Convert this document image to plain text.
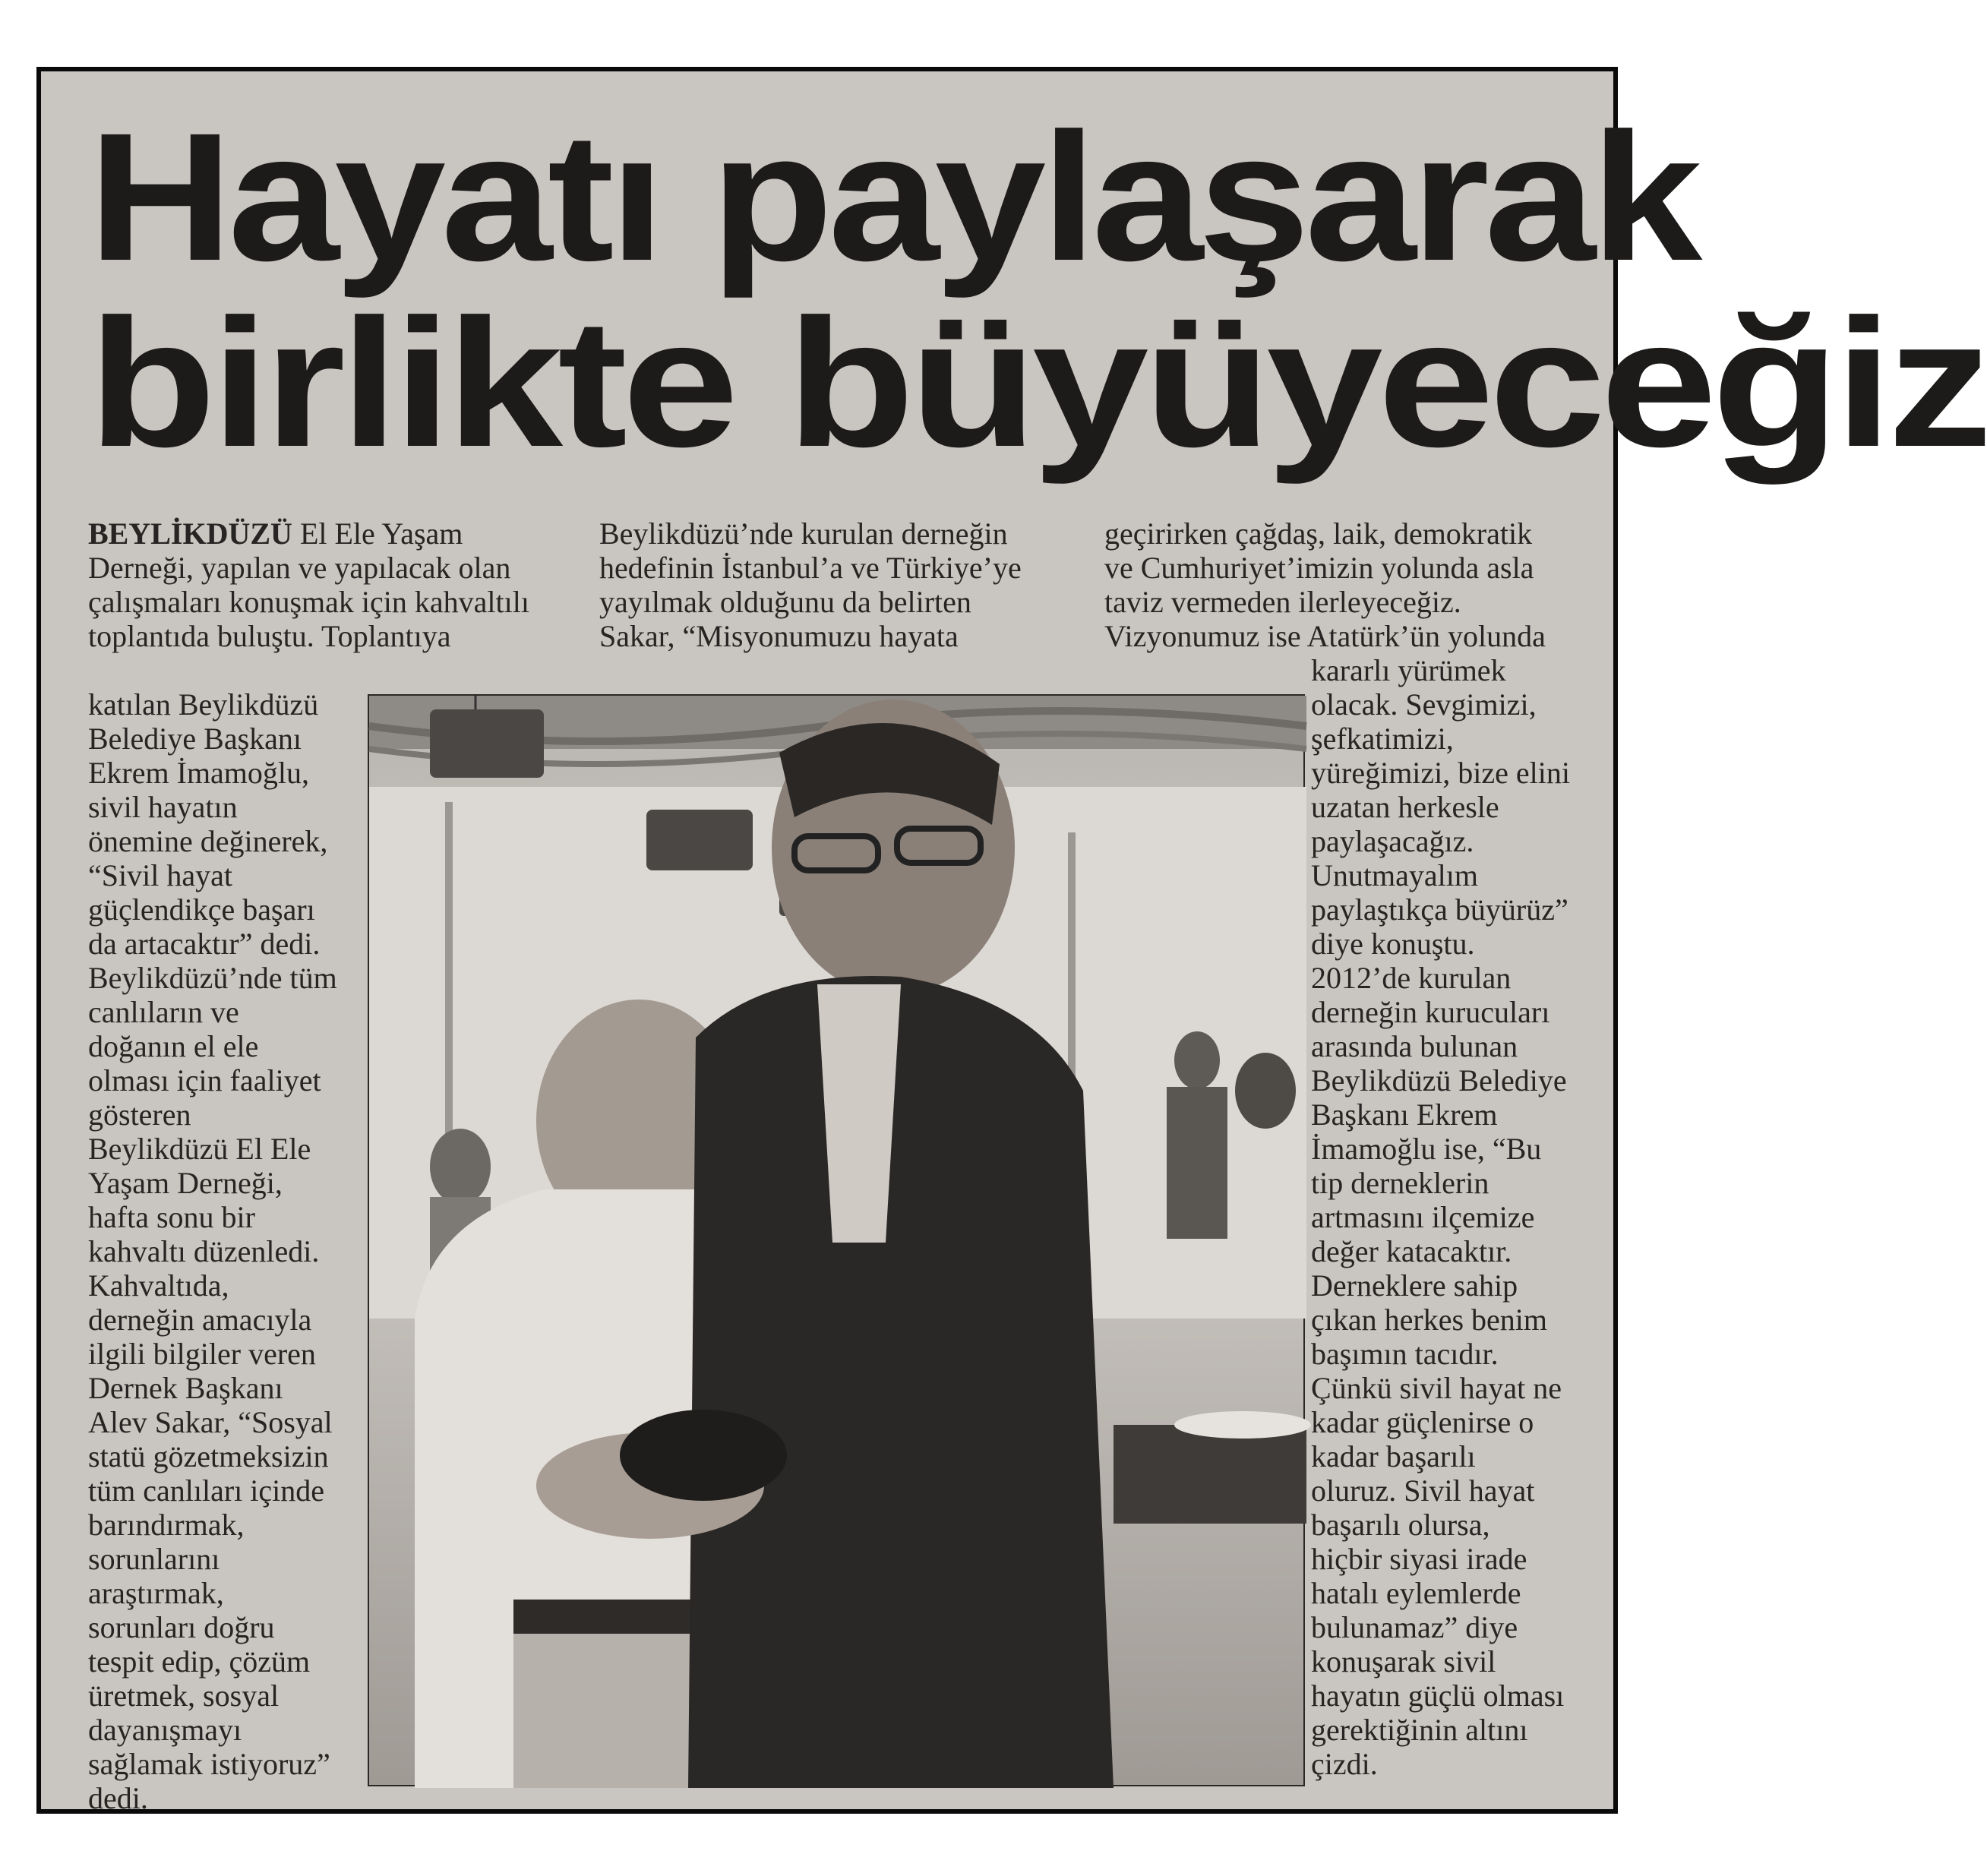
Hayatı paylaşarak
birlikte büyüyeceğiz
BEYLİKDÜZÜ El Ele Yaşam
Derneği, yapılan ve yapılacak olan
çalışmaları konuşmak için kahvaltılı
toplantıda buluştu. Toplantıya
katılan Beylikdüzü
Belediye Başkanı
Ekrem İmamoğlu,
sivil hayatın
önemine değinerek,
“Sivil hayat
güçlendikçe başarı
da artacaktır” dedi.
Beylikdüzü’nde tüm
canlıların ve
doğanın el ele
olması için faaliyet
gösteren
Beylikdüzü El Ele
Yaşam Derneği,
hafta sonu bir
kahvaltı düzenledi.
Kahvaltıda,
derneğin amacıyla
ilgili bilgiler veren
Dernek Başkanı
Alev Sakar, “Sosyal
statü gözetmeksizin
tüm canlıları içinde
barındırmak,
sorunlarını
araştırmak,
sorunları doğru
tespit edip, çözüm
üretmek, sosyal
dayanışmayı
sağlamak istiyoruz”
dedi.
Beylikdüzü’nde kurulan derneğin
hedefinin İstanbul’a ve Türkiye’ye
yayılmak olduğunu da belirten
Sakar, “Misyonumuzu hayata
geçirirken çağdaş, laik, demokratik
ve Cumhuriyet’imizin yolunda asla
taviz vermeden ilerleyeceğiz.
Vizyonumuz ise Atatürk’ün yolunda
kararlı yürümek
olacak. Sevgimizi,
şefkatimizi,
yüreğimizi, bize elini
uzatan herkesle
paylaşacağız.
Unutmayalım
paylaştıkça büyürüz”
diye konuştu.
2012’de kurulan
derneğin kurucuları
arasında bulunan
Beylikdüzü Belediye
Başkanı Ekrem
İmamoğlu ise, “Bu
tip derneklerin
artmasını ilçemize
değer katacaktır.
Derneklere sahip
çıkan herkes benim
başımın tacıdır.
Çünkü sivil hayat ne
kadar güçlenirse o
kadar başarılı
oluruz. Sivil hayat
başarılı olursa,
hiçbir siyasi irade
hatalı eylemlerde
bulunamaz” diye
konuşarak sivil
hayatın güçlü olması
gerektiğinin altını
çizdi.
